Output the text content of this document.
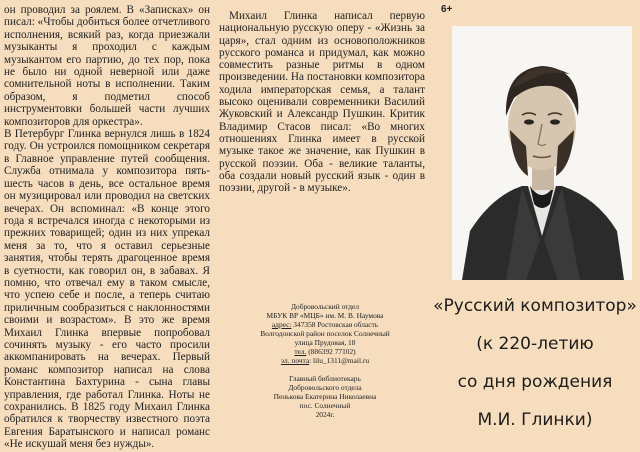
он проводил за роялем. В «Записках» он писал: «Чтобы добиться более отчетливого исполнения, всякий раз, когда приезжали музыканты я проходил с каждым музыкантом его партию, до тех пор, пока не было ни одной неверной или даже сомнительной ноты в исполнении. Таким образом, я подметил способ инструментовки большей части лучших композиторов для оркестра».

В Петербург Глинка вернулся лишь в 1824 году. Он устроился помощником секретаря в Главное управление путей сообщения. Служба отнимала у композитора пять-шесть часов в день, все остальное время он музицировал или проводил на светских вечерах. Он вспоминал: «В конце этого года я встречался иногда с некоторыми из прежних товарищей; один из них упрекал меня за то, что я оставил серьезные занятия, чтобы терять драгоценное время в суетности, как говорил он, в забавах. Я помню, что отвечал ему в таком смысле, что успею себе и после, а теперь считаю приличным сообразиться с наклонностями своими и возрастом». В это же время Михаил Глинка впервые попробовал сочинять музыку - его часто просили аккомпанировать на вечерах. Первый романс композитор написал на слова Константина Бахтурина - сына главы управления, где работал Глинка. Ноты не сохранились. В 1825 году Михаил Глинка обратился к творчеству известного поэта Евгения Баратынского и написал романс «Не искушай меня без нужды».

Михаил Глинка написал первую национальную русскую оперу - «Жизнь за царя», стал одним из основоположников русского романса и придумал, как можно совместить разные ритмы в одном произведении. На постановки композитора ходила императорская семья, а талант высоко оценивали современники Василий Жуковский и Александр Пушкин. Критик Владимир Стасов писал: «Во многих отношениях Глинка имеет в русской музыке такое же значение, как Пушкин в русской поэзии. Оба - великие таланты, оба создали новый русский язык - один в поэзии, другой - в музыке».

Добровольский отдел
МБУК ВР «МЦБ» им. М. В. Наумова
адрес: 347358 Ростовская область
Волгодонской район поселок Солнечный
улица Прудовая, 18
тел. (886392 77102)
эл. почта: lilu_1311@mail.ru
Главный библиотекарь
Добровольского отдела
Пенькова Екатерина Николаевна
пос. Солнечный
2024г.
6+
«Русский композитор»
(к 220-летию
со дня рождения
М.И. Глинки)
